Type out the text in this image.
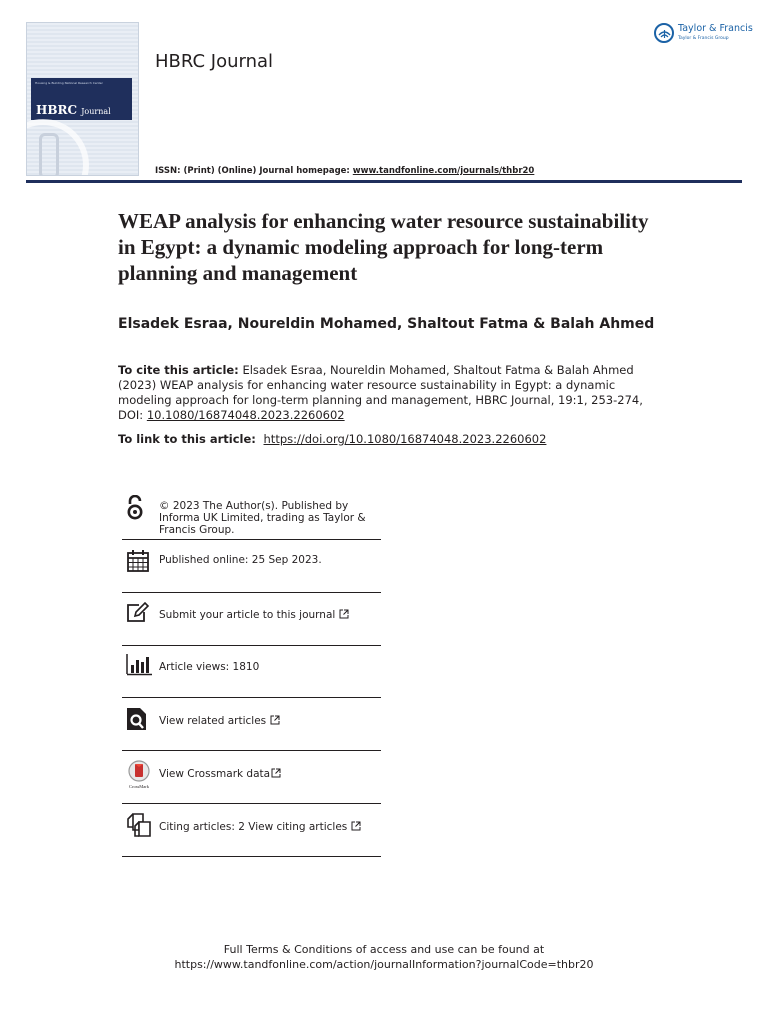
Housing & Building National Research Center
HBRC Journal
HBRC Journal
ISSN: (Print) (Online) Journal homepage: www.tandfonline.com/journals/thbr20
Taylor & Francis
Taylor & Francis Group
WEAP analysis for enhancing water resource sustainability in Egypt: a dynamic modeling approach for long-term planning and management
Elsadek Esraa, Noureldin Mohamed, Shaltout Fatma & Balah Ahmed
To cite this article: Elsadek Esraa, Noureldin Mohamed, Shaltout Fatma & Balah Ahmed (2023) WEAP analysis for enhancing water resource sustainability in Egypt: a dynamic modeling approach for long-term planning and management, HBRC Journal, 19:1, 253-274, DOI: 10.1080/16874048.2023.2260602
To link to this article: https://doi.org/10.1080/16874048.2023.2260602
© 2023 The Author(s). Published by Informa UK Limited, trading as Taylor & Francis Group.
Published online: 25 Sep 2023.
Submit your article to this journal
Article views: 1810
View related articles
CrossMark
View Crossmark data
Citing articles: 2 View citing articles
Full Terms & Conditions of access and use can be found at
https://www.tandfonline.com/action/journalInformation?journalCode=thbr20
